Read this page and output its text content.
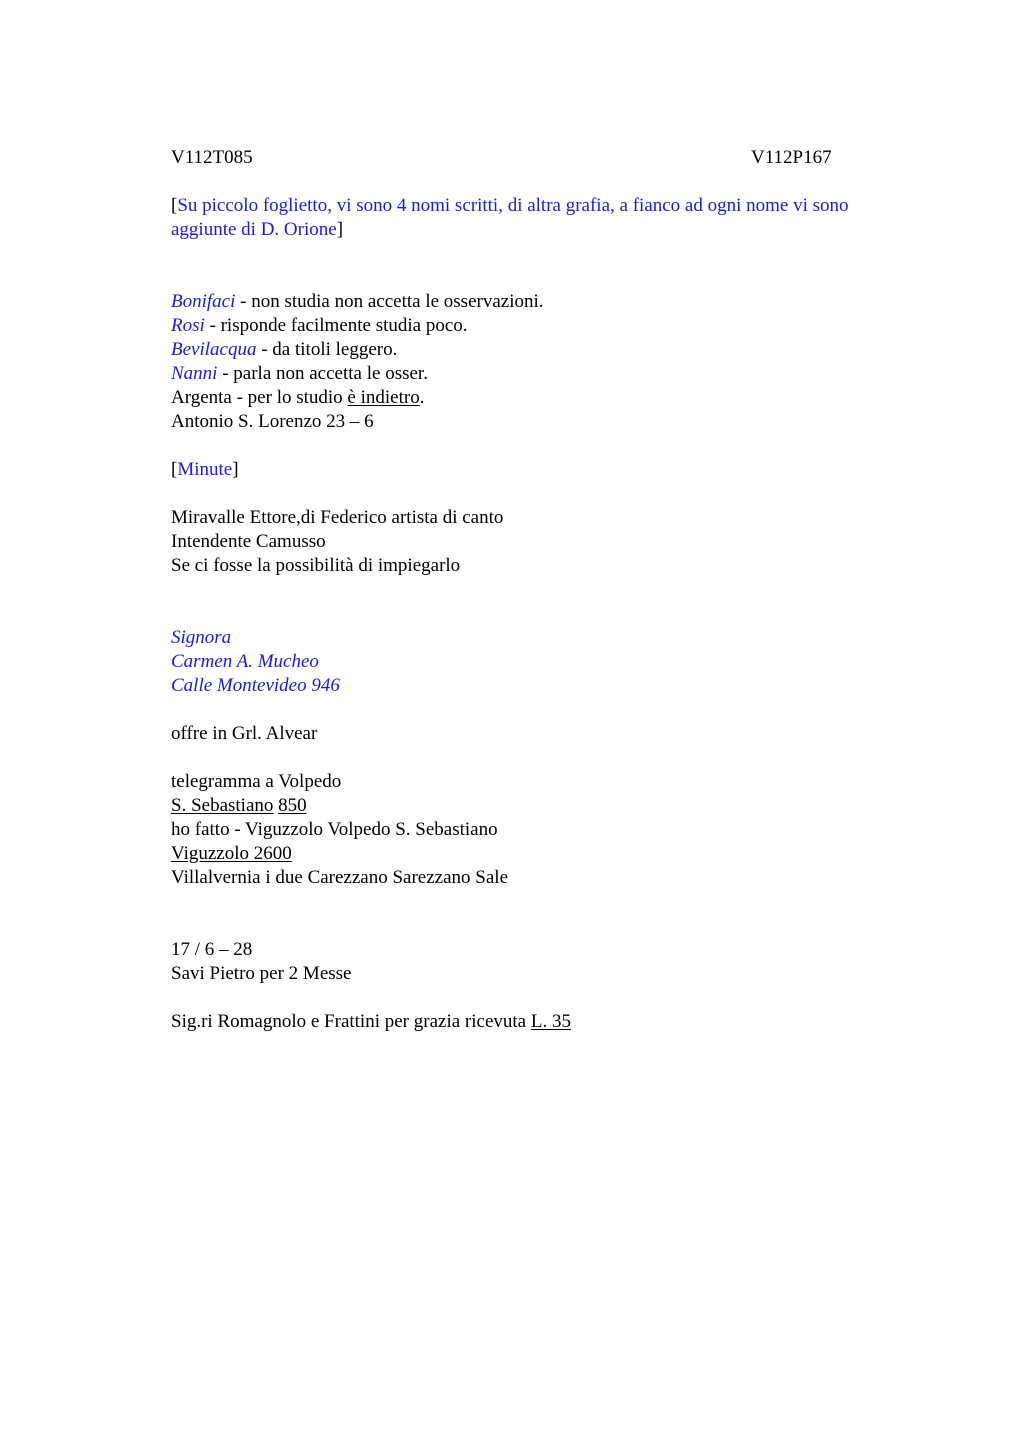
V112T085	V112P167
[Su piccolo foglietto, vi sono 4 nomi scritti, di altra grafia, a fianco ad ogni nome vi sono aggiunte di D. Orione]
Bonifaci - non studia non accetta le osservazioni.
Rosi - risponde facilmente studia poco.
Bevilacqua - da titoli leggero.
Nanni - parla non accetta le osser.
Argenta - per lo studio è indietro.
Antonio S. Lorenzo 23 – 6
[Minute]
Miravalle Ettore,di Federico artista di canto
Intendente Camusso
Se ci fosse la possibilità di impiegarlo
Signora
Carmen A. Mucheo
Calle Montevideo 946
offre in Grl. Alvear
telegramma a Volpedo
S. Sebastiano 850
ho fatto - Viguzzolo Volpedo S. Sebastiano
Viguzzolo 2600
Villalvernia i due Carezzano Sarezzano Sale
17 / 6 – 28
Savi Pietro per 2 Messe
Sig.ri Romagnolo e Frattini per grazia ricevuta L. 35
